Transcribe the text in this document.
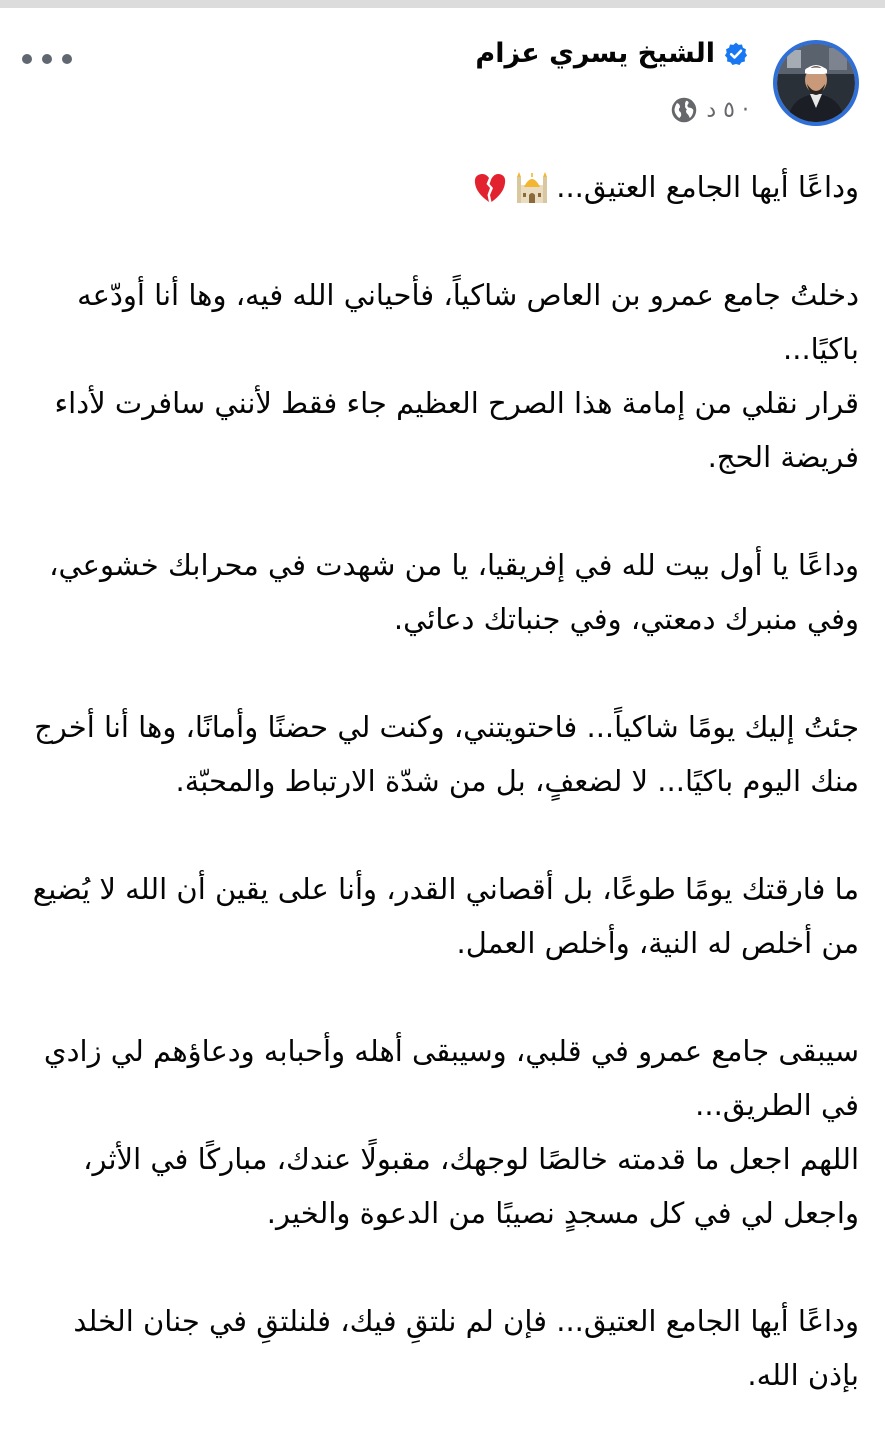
الشيخ يسري عزام
٥ د ·
وداعًا أيها الجامع العتيق...
دخلتُ جامع عمرو بن العاص شاكياً، فأحياني الله فيه، وها أنا أودّعه باكيًا...
قرار نقلي من إمامة هذا الصرح العظيم جاء فقط لأنني سافرت لأداء فريضة الحج.
وداعًا يا أول بيت لله في إفريقيا، يا من شهدت في محرابك خشوعي، وفي منبرك دمعتي، وفي جنباتك دعائي.
جئتُ إليك يومًا شاكياً... فاحتويتني، وكنت لي حضنًا وأمانًا، وها أنا أخرج منك اليوم باكيًا... لا لضعفٍ، بل من شدّة الارتباط والمحبّة.
ما فارقتك يومًا طوعًا، بل أقصاني القدر، وأنا على يقين أن الله لا يُضيع من أخلص له النية، وأخلص العمل.
سيبقى جامع عمرو في قلبي، وسيبقى أهله وأحبابه ودعاؤهم لي زادي في الطريق...
اللهم اجعل ما قدمته خالصًا لوجهك، مقبولًا عندك، مباركًا في الأثر، واجعل لي في كل مسجدٍ نصيبًا من الدعوة والخير.
وداعًا أيها الجامع العتيق... فإن لم نلتقِ فيك، فلنلتقِ في جنان الخلد بإذن الله.
